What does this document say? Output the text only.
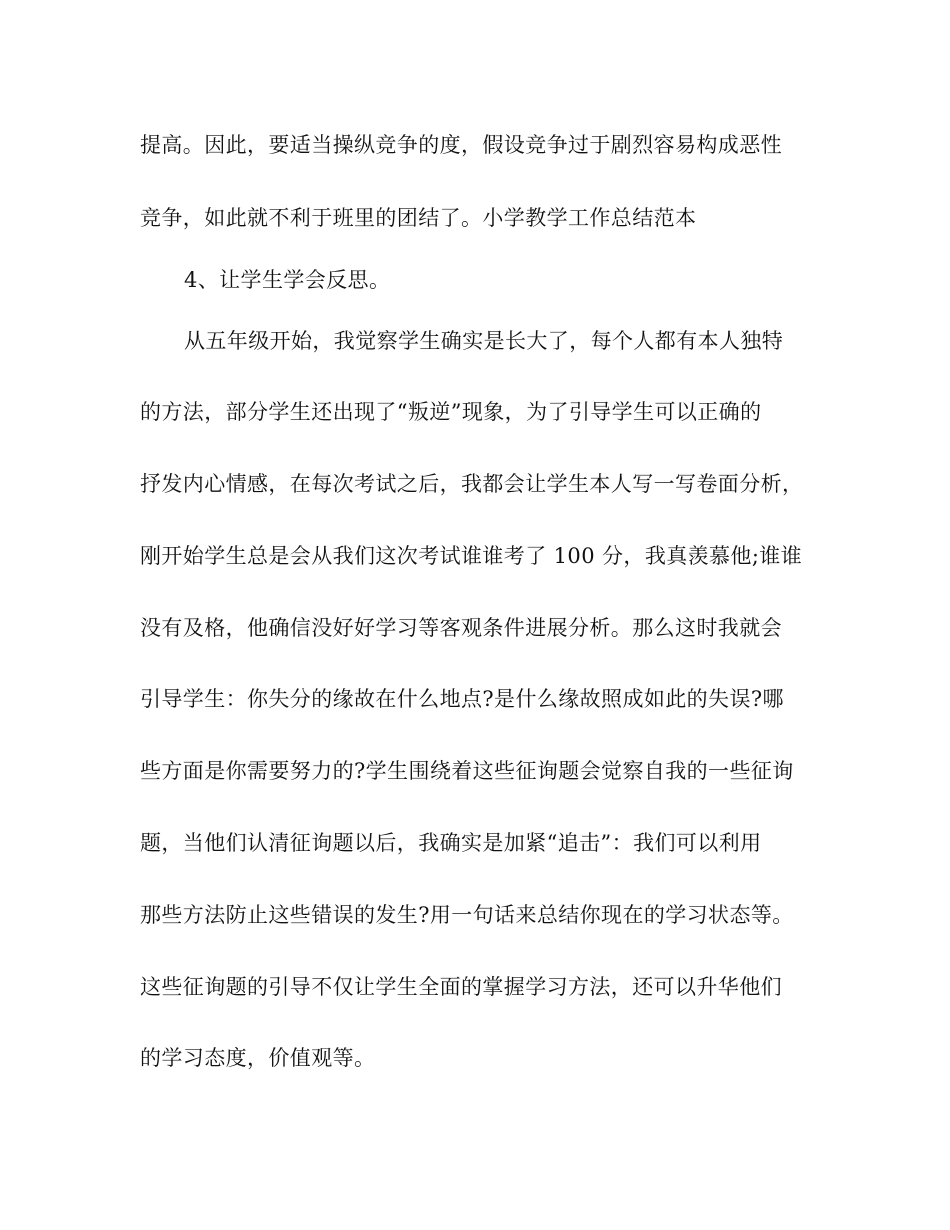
提高。因此，要适当操纵竞争的度，假设竞争过于剧烈容易构成恶性
竞争，如此就不利于班里的团结了。小学教学工作总结范本
4、让学生学会反思。
从五年级开始，我觉察学生确实是长大了，每个人都有本人独特
的方法，部分学生还出现了“叛逆”现象，为了引导学生可以正确的
抒发内心情感，在每次考试之后，我都会让学生本人写一写卷面分析，
刚开始学生总是会从我们这次考试谁谁考了 100 分，我真羡慕他;谁谁
没有及格，他确信没好好学习等客观条件进展分析。那么这时我就会
引导学生：你失分的缘故在什么地点?是什么缘故照成如此的失误?哪
些方面是你需要努力的?学生围绕着这些征询题会觉察自我的一些征询
题，当他们认清征询题以后，我确实是加紧“追击”：我们可以利用
那些方法防止这些错误的发生?用一句话来总结你现在的学习状态等。
这些征询题的引导不仅让学生全面的掌握学习方法，还可以升华他们
的学习态度，价值观等。
